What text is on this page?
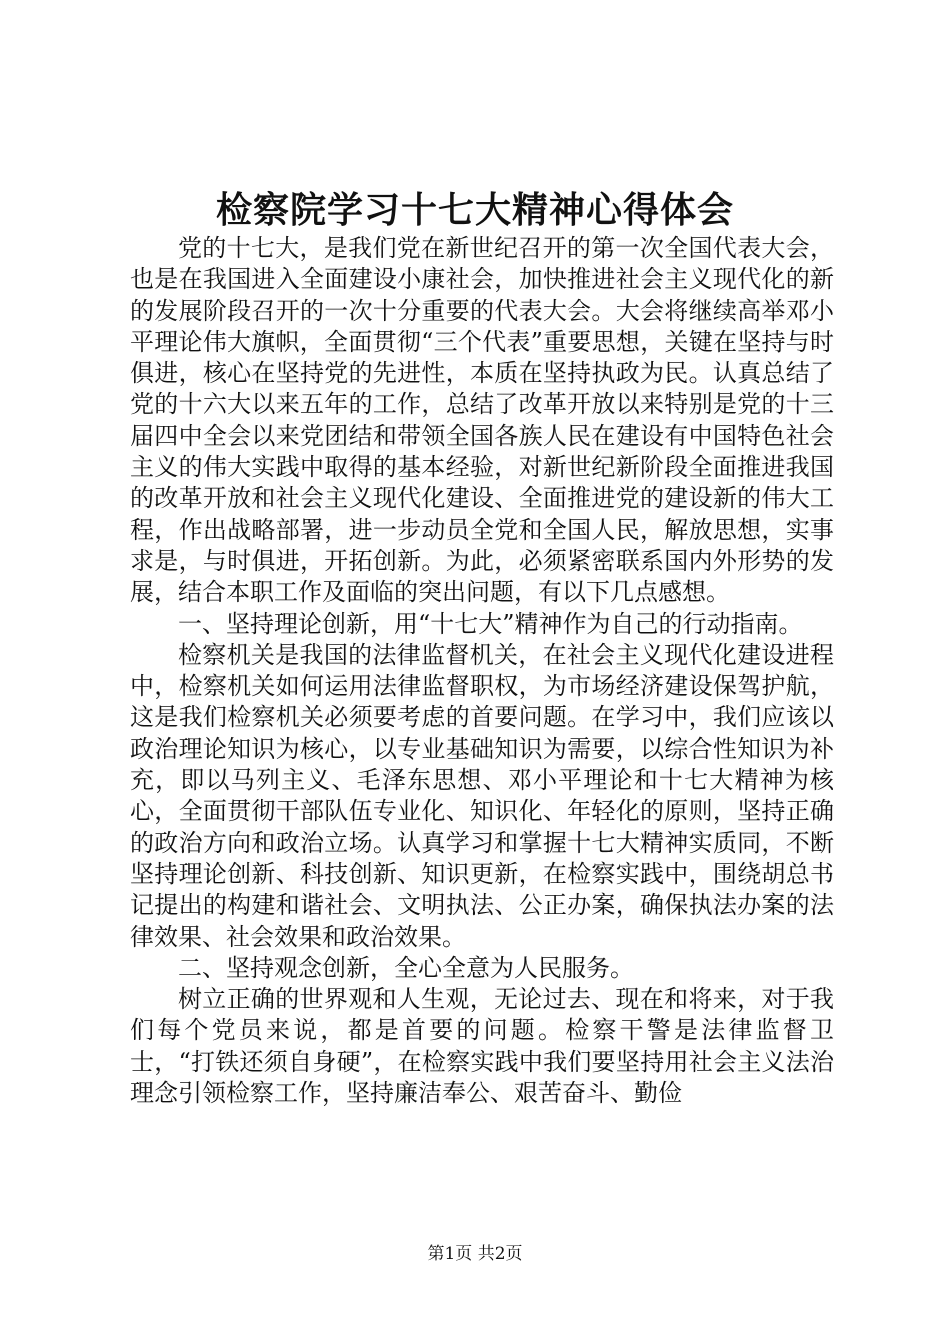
检察院学习十七大精神心得体会

党的十七大，是我们党在新世纪召开的第一次全国代表大会，也是在我国进入全面建设小康社会，加快推进社会主义现代化的新的发展阶段召开的一次十分重要的代表大会。大会将继续高举邓小平理论伟大旗帜，全面贯彻“三个代表”重要思想，关键在坚持与时俱进，核心在坚持党的先进性，本质在坚持执政为民。认真总结了党的十六大以来五年的工作，总结了改革开放以来特别是党的十三届四中全会以来党团结和带领全国各族人民在建设有中国特色社会主义的伟大实践中取得的基本经验，对新世纪新阶段全面推进我国的改革开放和社会主义现代化建设、全面推进党的建设新的伟大工程，作出战略部署，进一步动员全党和全国人民，解放思想，实事求是，与时俱进，开拓创新。为此，必须紧密联系国内外形势的发展，结合本职工作及面临的突出问题，有以下几点感想。

一、坚持理论创新，用“十七大”精神作为自己的行动指南。

检察机关是我国的法律监督机关，在社会主义现代化建设进程中，检察机关如何运用法律监督职权，为市场经济建设保驾护航，这是我们检察机关必须要考虑的首要问题。在学习中，我们应该以政治理论知识为核心，以专业基础知识为需要，以综合性知识为补充，即以马列主义、毛泽东思想、邓小平理论和十七大精神为核心，全面贯彻干部队伍专业化、知识化、年轻化的原则，坚持正确的政治方向和政治立场。认真学习和掌握十七大精神实质同，不断坚持理论创新、科技创新、知识更新，在检察实践中，围绕胡总书记提出的构建和谐社会、文明执法、公正办案，确保执法办案的法律效果、社会效果和政治效果。

二、坚持观念创新，全心全意为人民服务。

树立正确的世界观和人生观，无论过去、现在和将来，对于我们每个党员来说，都是首要的问题。检察干警是法律监督卫士，“打铁还须自身硬”，在检察实践中我们要坚持用社会主义法治理念引领检察工作，坚持廉洁奉公、艰苦奋斗、勤俭

第1页 共2页
